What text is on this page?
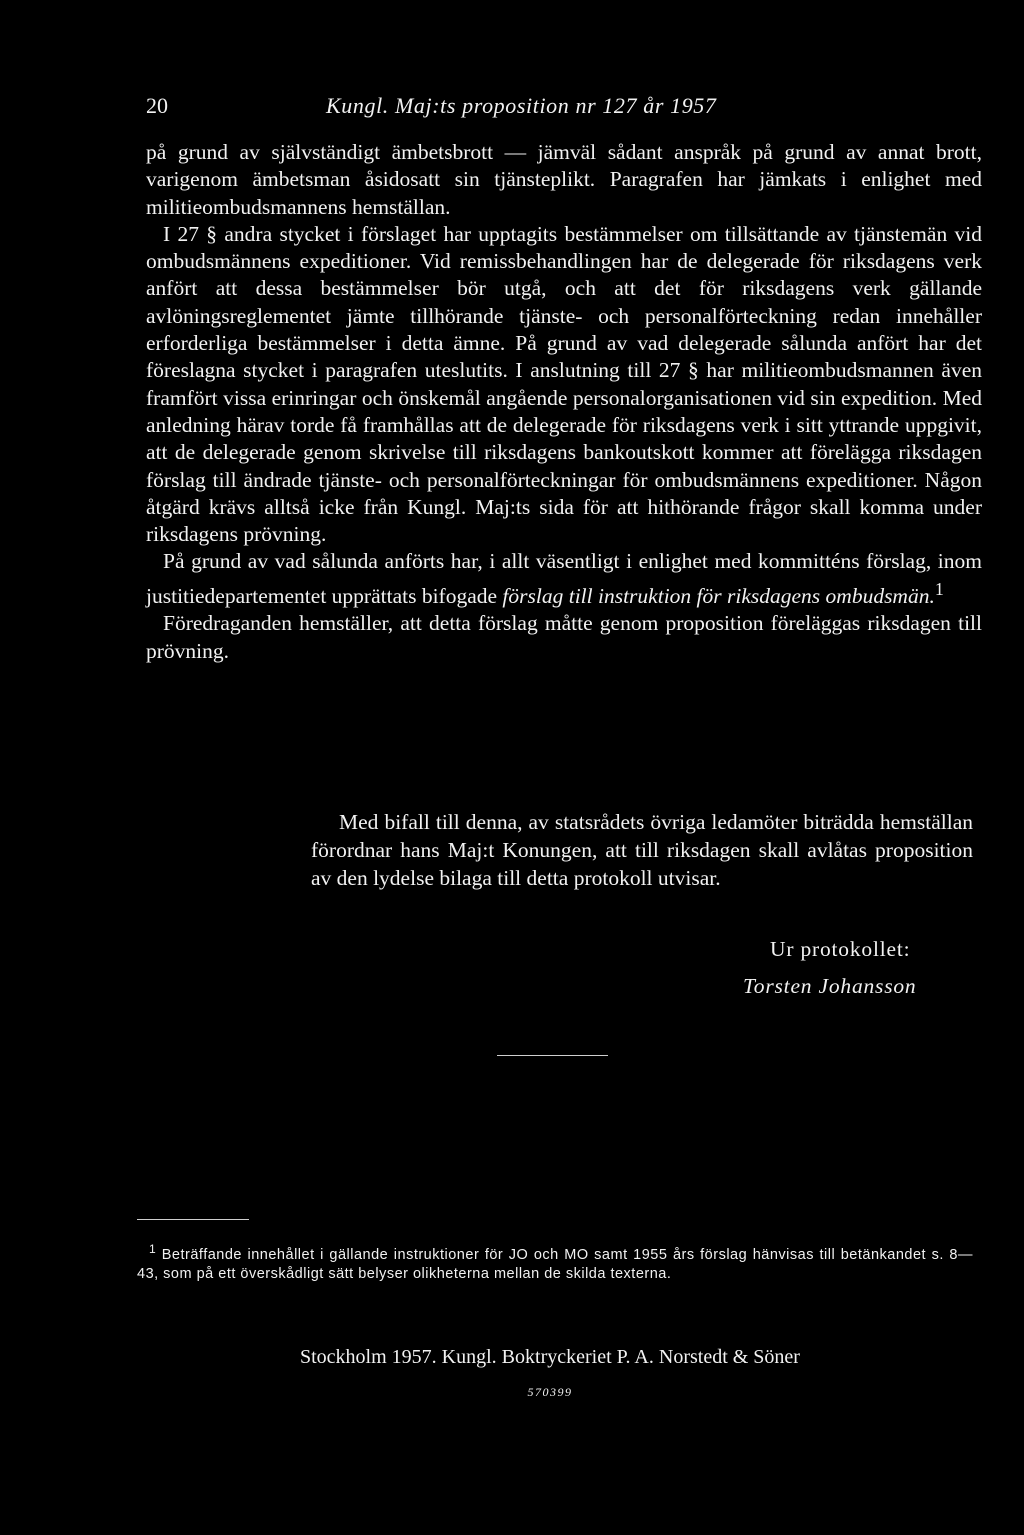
20	Kungl. Maj:ts proposition nr 127 år 1957

på grund av självständigt ämbetsbrott — jämväl sådant anspråk på grund av annat brott, varigenom ämbetsman åsidosatt sin tjänsteplikt. Paragrafen har jämkats i enlighet med militieombudsmannens hemställan.

I 27 § andra stycket i förslaget har upptagits bestämmelser om tillsättande av tjänstemän vid ombudsmännens expeditioner. Vid remissbehandlingen har de delegerade för riksdagens verk anfört att dessa bestämmelser bör utgå, och att det för riksdagens verk gällande avlöningsreglementet jämte tillhörande tjänste- och personalförteckning redan innehåller erforderliga bestämmelser i detta ämne. På grund av vad delegerade sålunda anfört har det föreslagna stycket i paragrafen uteslutits. I anslutning till 27 § har militieombudsmannen även framfört vissa erinringar och önskemål angående personalorganisationen vid sin expedition. Med anledning härav torde få framhållas att de delegerade för riksdagens verk i sitt yttrande uppgivit, att de delegerade genom skrivelse till riksdagens bankoutskott kommer att förelägga riksdagen förslag till ändrade tjänste- och personalförteckningar för ombudsmännens expeditioner. Någon åtgärd krävs alltså icke från Kungl. Maj:ts sida för att hithörande frågor skall komma under riksdagens prövning.

På grund av vad sålunda anförts har, i allt väsentligt i enlighet med kommitténs förslag, inom justitiedepartementet upprättats bifogade förslag till instruktion för riksdagens ombudsmän.$^1$

Föredraganden hemställer, att detta förslag måtte genom proposition föreläggas riksdagen till prövning.

Med bifall till denna, av statsrådets övriga ledamöter biträdda hemställan förordnar hans Maj:t Konungen, att till riksdagen skall avlåtas proposition av den lydelse bilaga till detta protokoll utvisar.

Ur protokollet:
Torsten Johansson

$^1$ Beträffande innehållet i gällande instruktioner för JO och MO samt 1955 års förslag hänvisas till betänkandet s. 8—43, som på ett överskådligt sätt belyser olikheterna mellan de skilda texterna.

Stockholm 1957. Kungl. Boktryckeriet P. A. Norstedt & Söner
570399
